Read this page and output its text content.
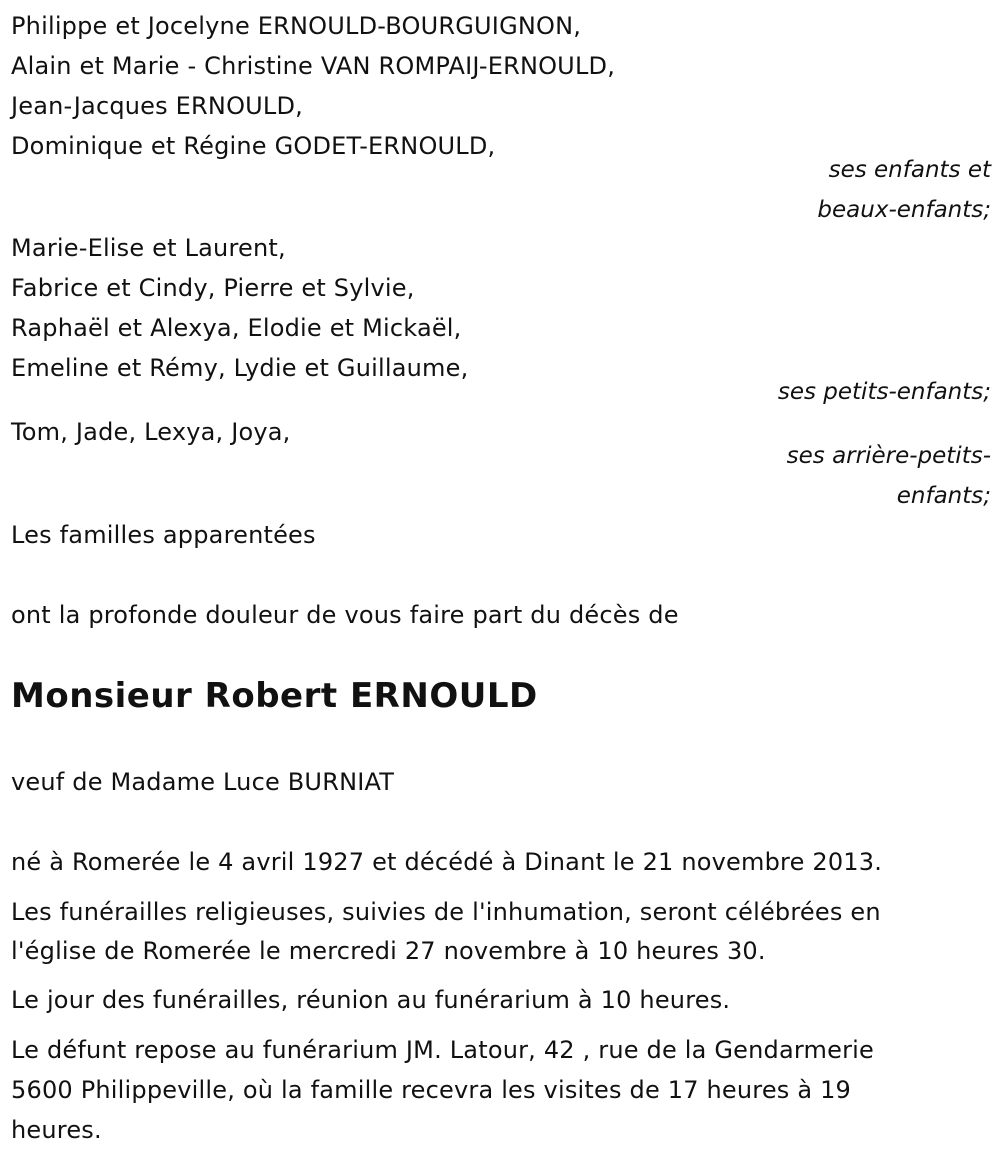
Philippe et Jocelyne ERNOULD-BOURGUIGNON,
Alain et Marie - Christine VAN ROMPAIJ-ERNOULD,
Jean-Jacques ERNOULD,
Dominique et Régine GODET-ERNOULD,
ses enfants et
beaux-enfants;
Marie-Elise et Laurent,
Fabrice et Cindy, Pierre et Sylvie,
Raphaël et Alexya, Elodie et Mickaël,
Emeline et Rémy, Lydie et Guillaume,
ses petits-enfants;
Tom, Jade, Lexya, Joya,
ses arrière-petits-
enfants;
Les familles apparentées
ont la profonde douleur de vous faire part du décès de
Monsieur Robert ERNOULD
veuf de Madame Luce BURNIAT
né à Romerée le 4 avril 1927 et décédé à Dinant le 21 novembre 2013.
Les funérailles religieuses, suivies de l'inhumation, seront célébrées en
l'église de Romerée le mercredi 27 novembre à 10 heures 30.
Le jour des funérailles, réunion au funérarium à 10 heures.
Le défunt repose au funérarium JM. Latour, 42 , rue de la Gendarmerie
5600 Philippeville, où la famille recevra les visites de 17 heures à 19
heures.
